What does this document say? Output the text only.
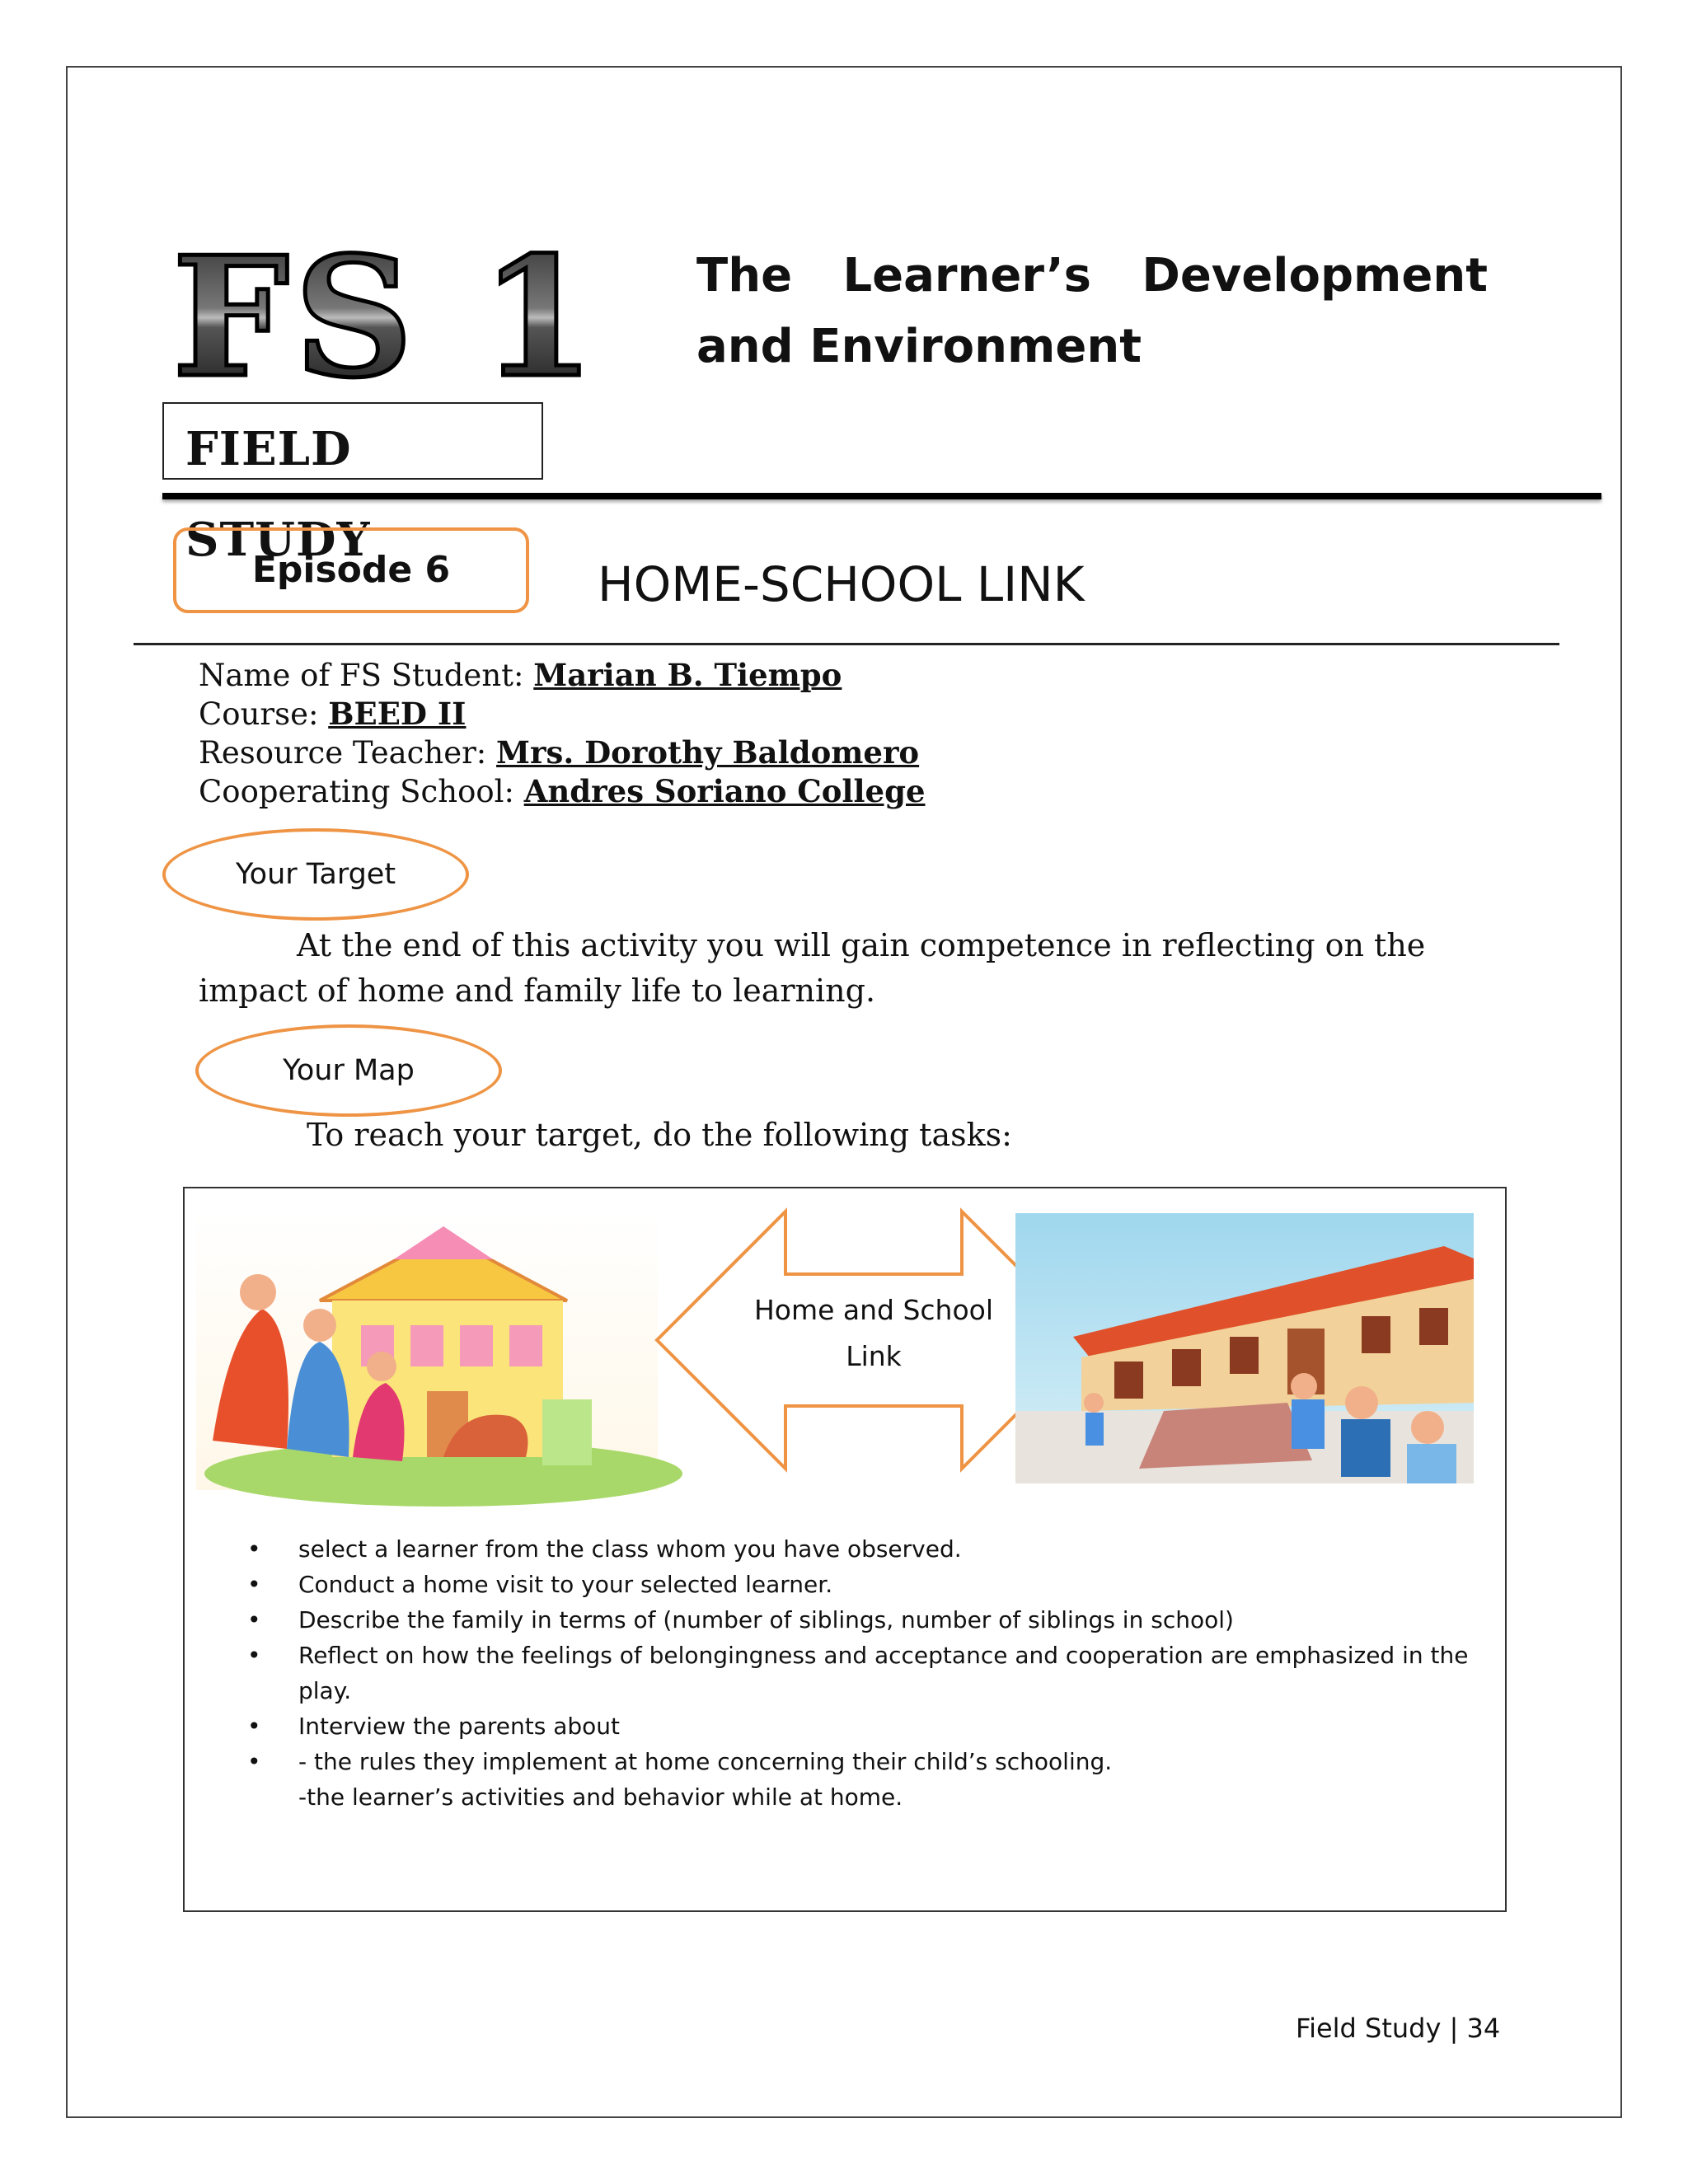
FS 1
FIELD STUDY
The Learner’s Development and Environment
Episode 6	HOME-SCHOOL LINK
Name of FS Student: Marian B. Tiempo
Course: BEED II
Resource Teacher: Mrs. Dorothy Baldomero
Cooperating School: Andres Soriano College
Your Target
At the end of this activity you will gain competence in reflecting on the
impact of home and family life to learning.
Your Map
To reach your target, do the following tasks:
Home and School
Link
• select a learner from the class whom you have observed.
• Conduct a home visit to your selected learner.
• Describe the family in terms of (number of siblings, number of siblings in school)
• Reflect on how the feelings of belongingness and acceptance and cooperation are emphasized in the play.
• Interview the parents about
• - the rules they implement at home concerning their child’s schooling.
-the learner’s activities and behavior while at home.
Field Study | 34
